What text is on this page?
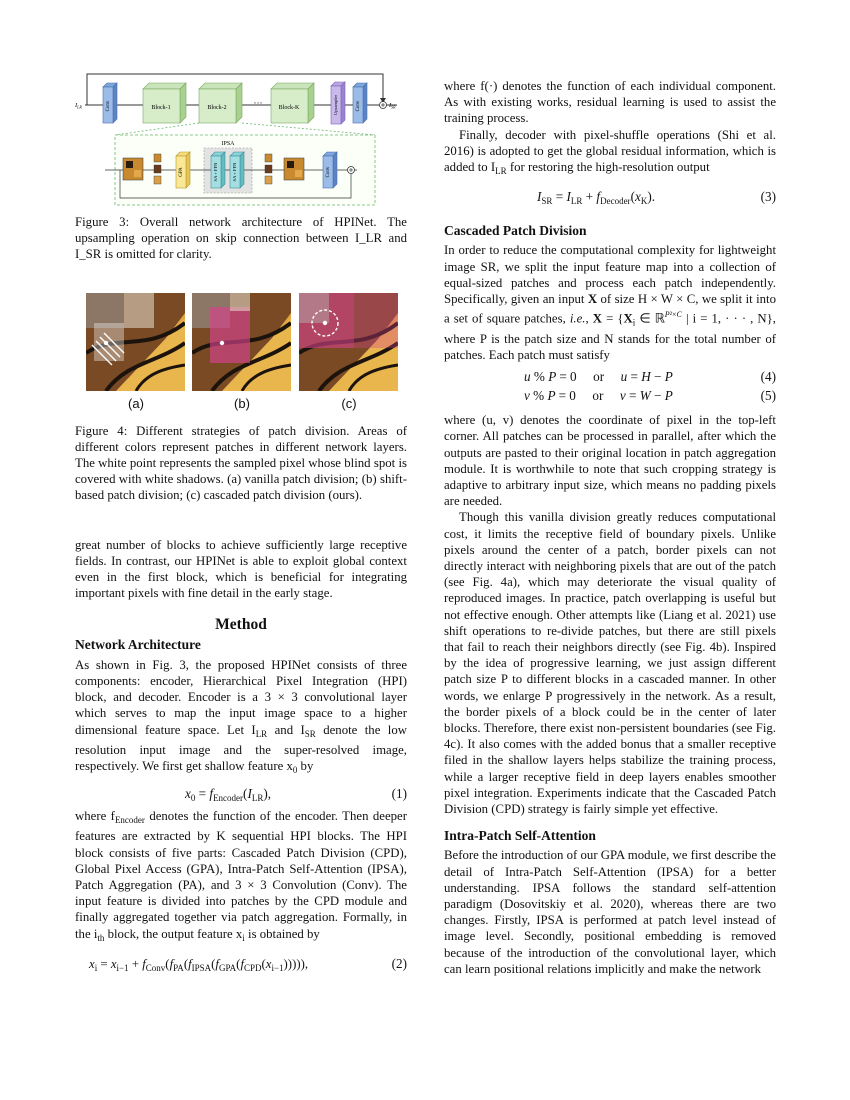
Conv	Block-1	Block-2	···	Block-K	Upsampler	Conv
$I_{LR}$	$I_{SR}$
IPSA
GPA	SA + FFN	SA + FFN	Conv

Figure 3: Overall network architecture of HPINet. The upsampling operation on skip connection between I_LR and I_SR is omitted for clarity.

(a)	(b)	(c)

Figure 4: Different strategies of patch division. Areas of different colors represent patches in different network layers. The white point represents the sampled pixel whose blind spot is covered with white shadows. (a) vanilla patch division; (b) shift-based patch division; (c) cascaded patch division (ours).

great number of blocks to achieve sufficiently large receptive fields. In contrast, our HPINet is able to exploit global context even in the first block, which is beneficial for integrating important pixels with fine detail in the early stage.

Method

Network Architecture

As shown in Fig. 3, the proposed HPINet consists of three components: encoder, Hierarchical Pixel Integration (HPI) block, and decoder. Encoder is a 3 × 3 convolutional layer which serves to map the input image space to a higher dimensional feature space. Let $I_{LR}$ and $I_{SR}$ denote the low resolution input image and the super-resolved image, respectively. We first get shallow feature $x_0$ by

$x_0 = f_{Encoder}(I_{LR})$,	(1)

where $f_{Encoder}$ denotes the function of the encoder. Then deeper features are extracted by K sequential HPI blocks. The HPI block consists of five parts: Cascaded Patch Division (CPD), Global Pixel Access (GPA), Intra-Patch Self-Attention (IPSA), Patch Aggregation (PA), and 3 × 3 Convolution (Conv). The input feature is divided into patches by the CPD module and finally aggregated together via patch aggregation. Formally, in the $i_{th}$ block, the output feature $x_i$ is obtained by

$x_i = x_{i-1} + f_{Conv}(f_{PA}(f_{IPSA}(f_{GPA}(f_{CPD}(x_{i-1})))))$,	(2)

where f(·) denotes the function of each individual component. As with existing works, residual learning is used to assist the training process.

Finally, decoder with pixel-shuffle operations (Shi et al. 2016) is adopted to get the global residual information, which is added to $I_{LR}$ for restoring the high-resolution output

$I_{SR} = I_{LR} + f_{Decoder}(x_K)$.	(3)

Cascaded Patch Division

In order to reduce the computational complexity for lightweight image SR, we split the input feature map into a collection of equal-sized patches and process each patch independently. Specifically, given an input X of size H × W × C, we split it into a set of square patches, i.e., $X = \{X_i$ ∈ ℝ$^{P^2\times C}$ | i = 1, · · · , N}, where P is the patch size and N stands for the total number of patches. Each patch must satisfy

u % P = 0     or     u = H − P	(4)
v % P = 0     or     v = W − P	(5)

where (u, v) denotes the coordinate of pixel in the top-left corner. All patches can be processed in parallel, after which the outputs are pasted to their original location in patch aggregation module. It is worthwhile to note that such cropping strategy is adaptive to arbitrary input size, which means no padding pixels are needed.

Though this vanilla division greatly reduces computational cost, it limits the receptive field of boundary pixels. Unlike pixels around the center of a patch, border pixels can not directly interact with neighboring pixels that are out of the patch (see Fig. 4a), which may deteriorate the visual quality of reproduced images. In practice, patch overlapping is useful but not effective enough. Other attempts like (Liang et al. 2021) use shift operations to re-divide patches, but there are still pixels that fail to reach their neighbors directly (see Fig. 4b). Inspired by the idea of progressive learning, we just assign different patch size P to different blocks in a cascaded manner. In other words, we enlarge P progressively in the network. As a result, the border pixels of a block could be in the center of later blocks. Therefore, there exist non-persistent boundaries (see Fig. 4c). It also comes with the added bonus that a smaller receptive filed in the shallow layers helps stabilize the training process, while a larger receptive field in deep layers enables smoother pixel integration. Experiments indicate that the Cascaded Patch Division (CPD) strategy is fairly simple yet effective.

Intra-Patch Self-Attention

Before the introduction of our GPA module, we first describe the detail of Intra-Patch Self-Attention (IPSA) for a better understanding. IPSA follows the standard self-attention paradigm (Dosovitskiy et al. 2020), whereas there are two changes. Firstly, IPSA is performed at patch level instead of image level. Secondly, positional embedding is removed because of the introduction of the convolutional layer, which can learn positional relations implicitly and make the network
